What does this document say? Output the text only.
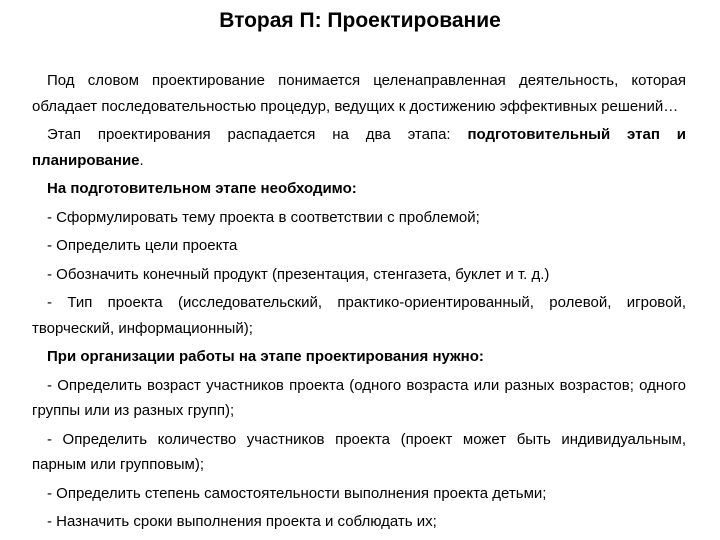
Вторая П: Проектирование

Под словом проектирование понимается целенаправленная деятельность, которая обладает последовательностью процедур, ведущих к достижению эффективных решений…

Этап проектирования распадается на два этапа: подготовительный этап и планирование.

На подготовительном этапе необходимо:

- Сформулировать тему проекта в соответствии с проблемой;

- Определить цели проекта

- Обозначить конечный продукт (презентация, стенгазета, буклет и т. д.)

- Тип проекта (исследовательский, практико-ориентированный, ролевой, игровой, творческий, информационный);

При организации работы на этапе проектирования нужно:

- Определить возраст участников проекта (одного возраста или разных возрастов; одного группы или из разных групп);

- Определить количество участников проекта (проект может быть индивидуальным, парным или групповым);

- Определить степень самостоятельности выполнения проекта детьми;

- Назначить сроки выполнения проекта и соблюдать их;
